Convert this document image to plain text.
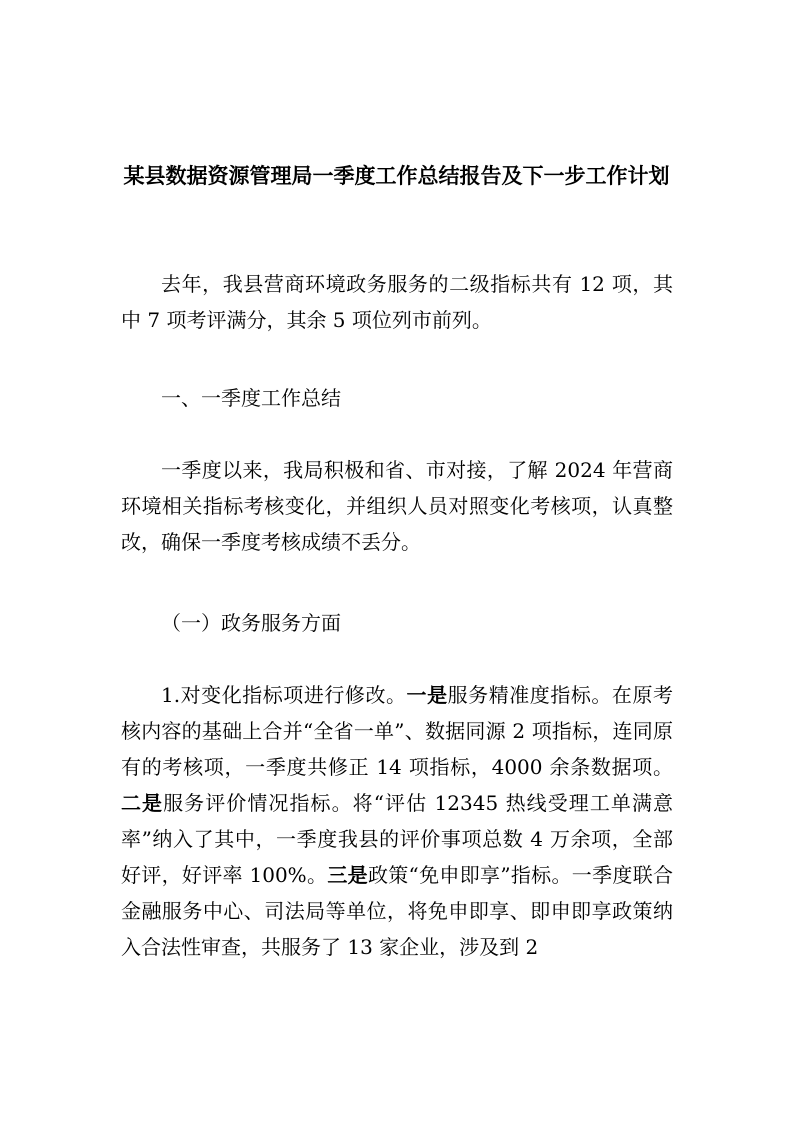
某县数据资源管理局一季度工作总结报告及下一步工作计划

去年，我县营商环境政务服务的二级指标共有 12 项，其中 7 项考评满分，其余 5 项位列市前列。

一、一季度工作总结

一季度以来，我局积极和省、市对接，了解 2024 年营商环境相关指标考核变化，并组织人员对照变化考核项，认真整改，确保一季度考核成绩不丢分。

（一）政务服务方面

1.对变化指标项进行修改。一是服务精准度指标。在原考核内容的基础上合并“全省一单”、数据同源 2 项指标，连同原有的考核项，一季度共修正 14 项指标，4000 余条数据项。二是服务评价情况指标。将“评估 12345 热线受理工单满意率”纳入了其中，一季度我县的评价事项总数 4 万余项，全部好评，好评率 100%。三是政策“免申即享”指标。一季度联合金融服务中心、司法局等单位，将免申即享、即申即享政策纳入合法性审查，共服务了 13 家企业，涉及到 2
